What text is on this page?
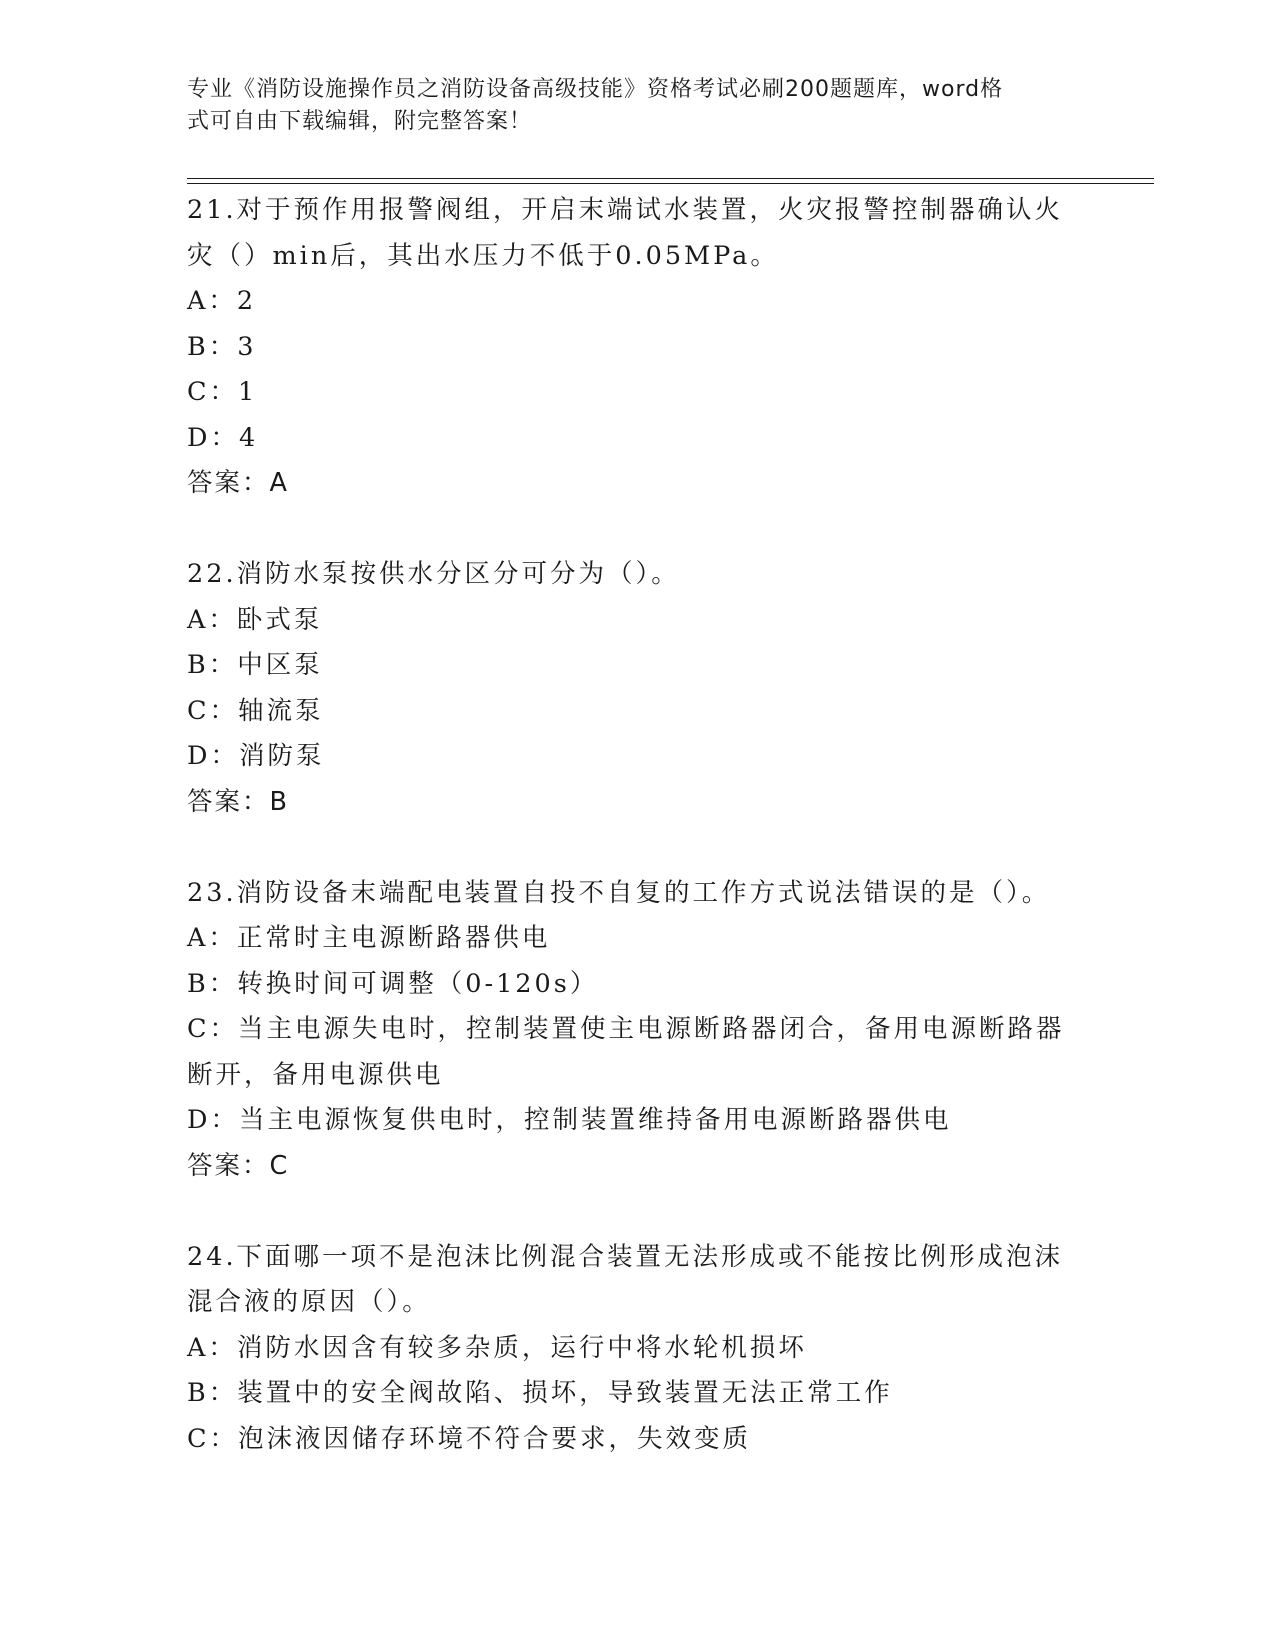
专业《消防设施操作员之消防设备高级技能》资格考试必刷200题题库，word格
式可自由下载编辑，附完整答案！

21.对于预作用报警阀组，开启末端试水装置，火灾报警控制器确认火

灾（）min后，其出水压力不低于0.05MPa。

A：2

B：3

C：1

D：4

答案：A

22.消防水泵按供水分区分可分为（）。

A：卧式泵

B：中区泵

C：轴流泵

D：消防泵

答案：B

23.消防设备末端配电装置自投不自复的工作方式说法错误的是（）。

A：正常时主电源断路器供电

B：转换时间可调整（0-120s）

C：当主电源失电时，控制装置使主电源断路器闭合，备用电源断路器

断开，备用电源供电

D：当主电源恢复供电时，控制装置维持备用电源断路器供电

答案：C

24.下面哪一项不是泡沫比例混合装置无法形成或不能按比例形成泡沫

混合液的原因（）。

A：消防水因含有较多杂质，运行中将水轮机损坏

B：装置中的安全阀故陷、损坏，导致装置无法正常工作

C：泡沫液因储存环境不符合要求，失效变质
